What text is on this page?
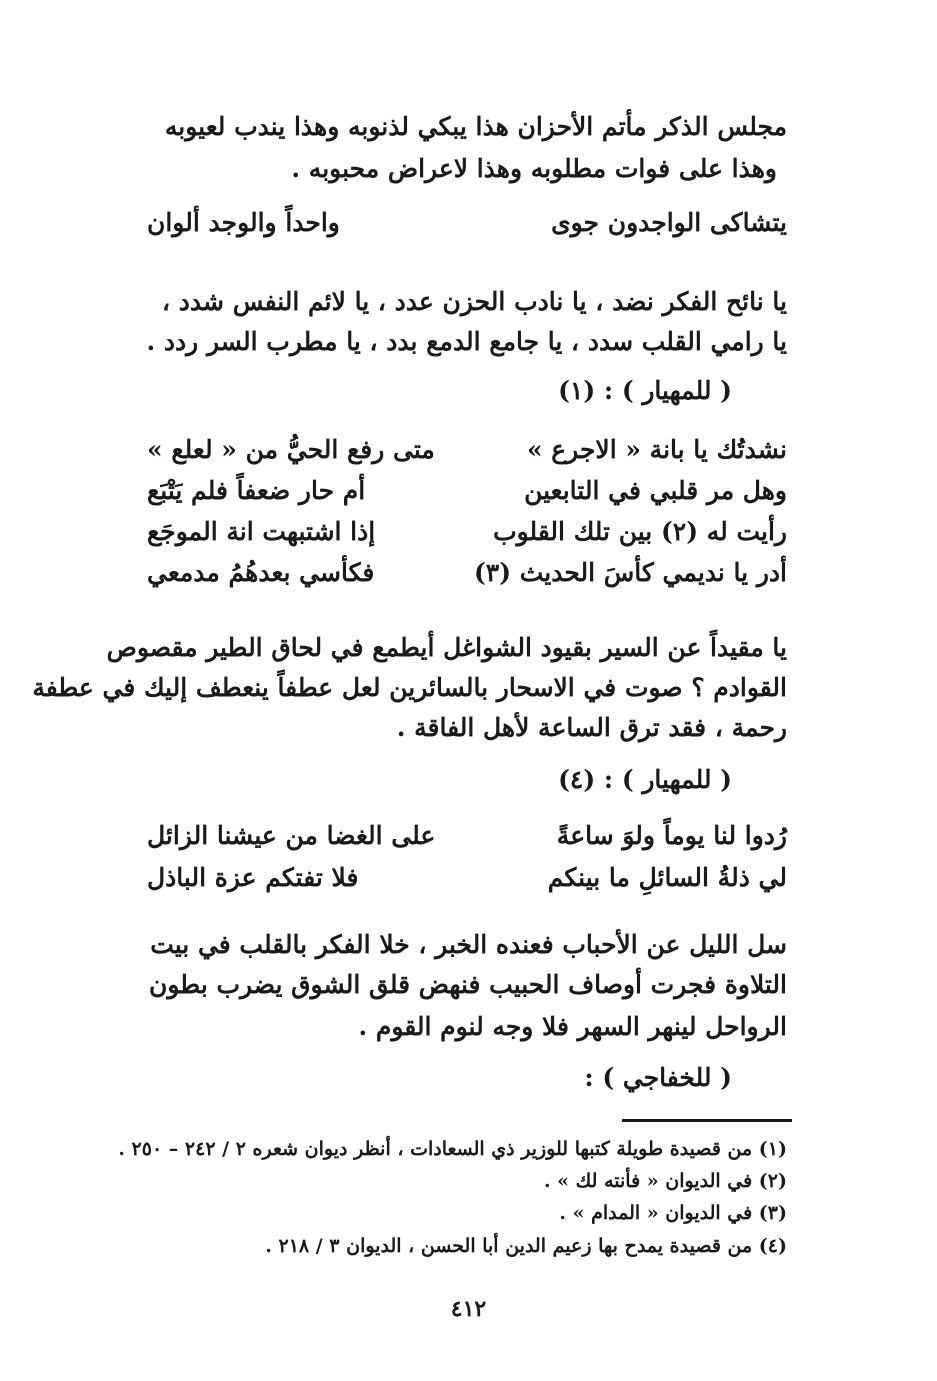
مجلس الذكر مأتم الأحزان هذا يبكي لذنوبه وهذا يندب لعيوبه
وهذا على فوات مطلوبه وهذا لاعراض محبوبه .
يتشاكى الواجدون جوى
واحداً والوجد ألوان
يا نائح الفكر نضد ، يا نادب الحزن عدد ، يا لائم النفس شدد ،
يا رامي القلب سدد ، يا جامع الدمع بدد ، يا مطرب السر ردد .
( للمهيار ) : (١)
نشدتُك يا بانة « الاجرع »
متى رفع الحيُّ من « لعلع »
وهل مر قلبي في التابعين
أم حار ضعفاً فلم يَتْبَع
رأيت له (٢) بين تلك القلوب
إذا اشتبهت انة الموجَع
أدر يا نديمي كأسَ الحديث (٣)
فكأسي بعدهُمُ مدمعي
يا مقيداً عن السير بقيود الشواغل أيطمع في لحاق الطير مقصوص
القوادم ؟ صوت في الاسحار بالسائرين لعل عطفاً ينعطف إليك في عطفة
رحمة ، فقد ترق الساعة لأهل الفاقة .
( للمهيار ) : (٤)
رُدوا لنا يوماً ولوَ ساعةً
على الغضا من عيشنا الزائل
لي ذلةُ السائلِ ما بينكم
فلا تفتكم عزة الباذل
سل الليل عن الأحباب فعنده الخبر ، خلا الفكر بالقلب في بيت
التلاوة فجرت أوصاف الحبيب فنهض قلق الشوق يضرب بطون
الرواحل لينهر السهر فلا وجه لنوم القوم .
( للخفاجي ) :
(١) من قصيدة طويلة كتبها للوزير ذي السعادات ، أنظر ديوان شعره ٢ / ٢٤٢ – ٢٥٠ .
(٢) في الديوان « فأنته لك » .
(٣) في الديوان « المدام » .
(٤) من قصيدة يمدح بها زعيم الدين أبا الحسن ، الديوان ٣ / ٢١٨ .
٤١٢
